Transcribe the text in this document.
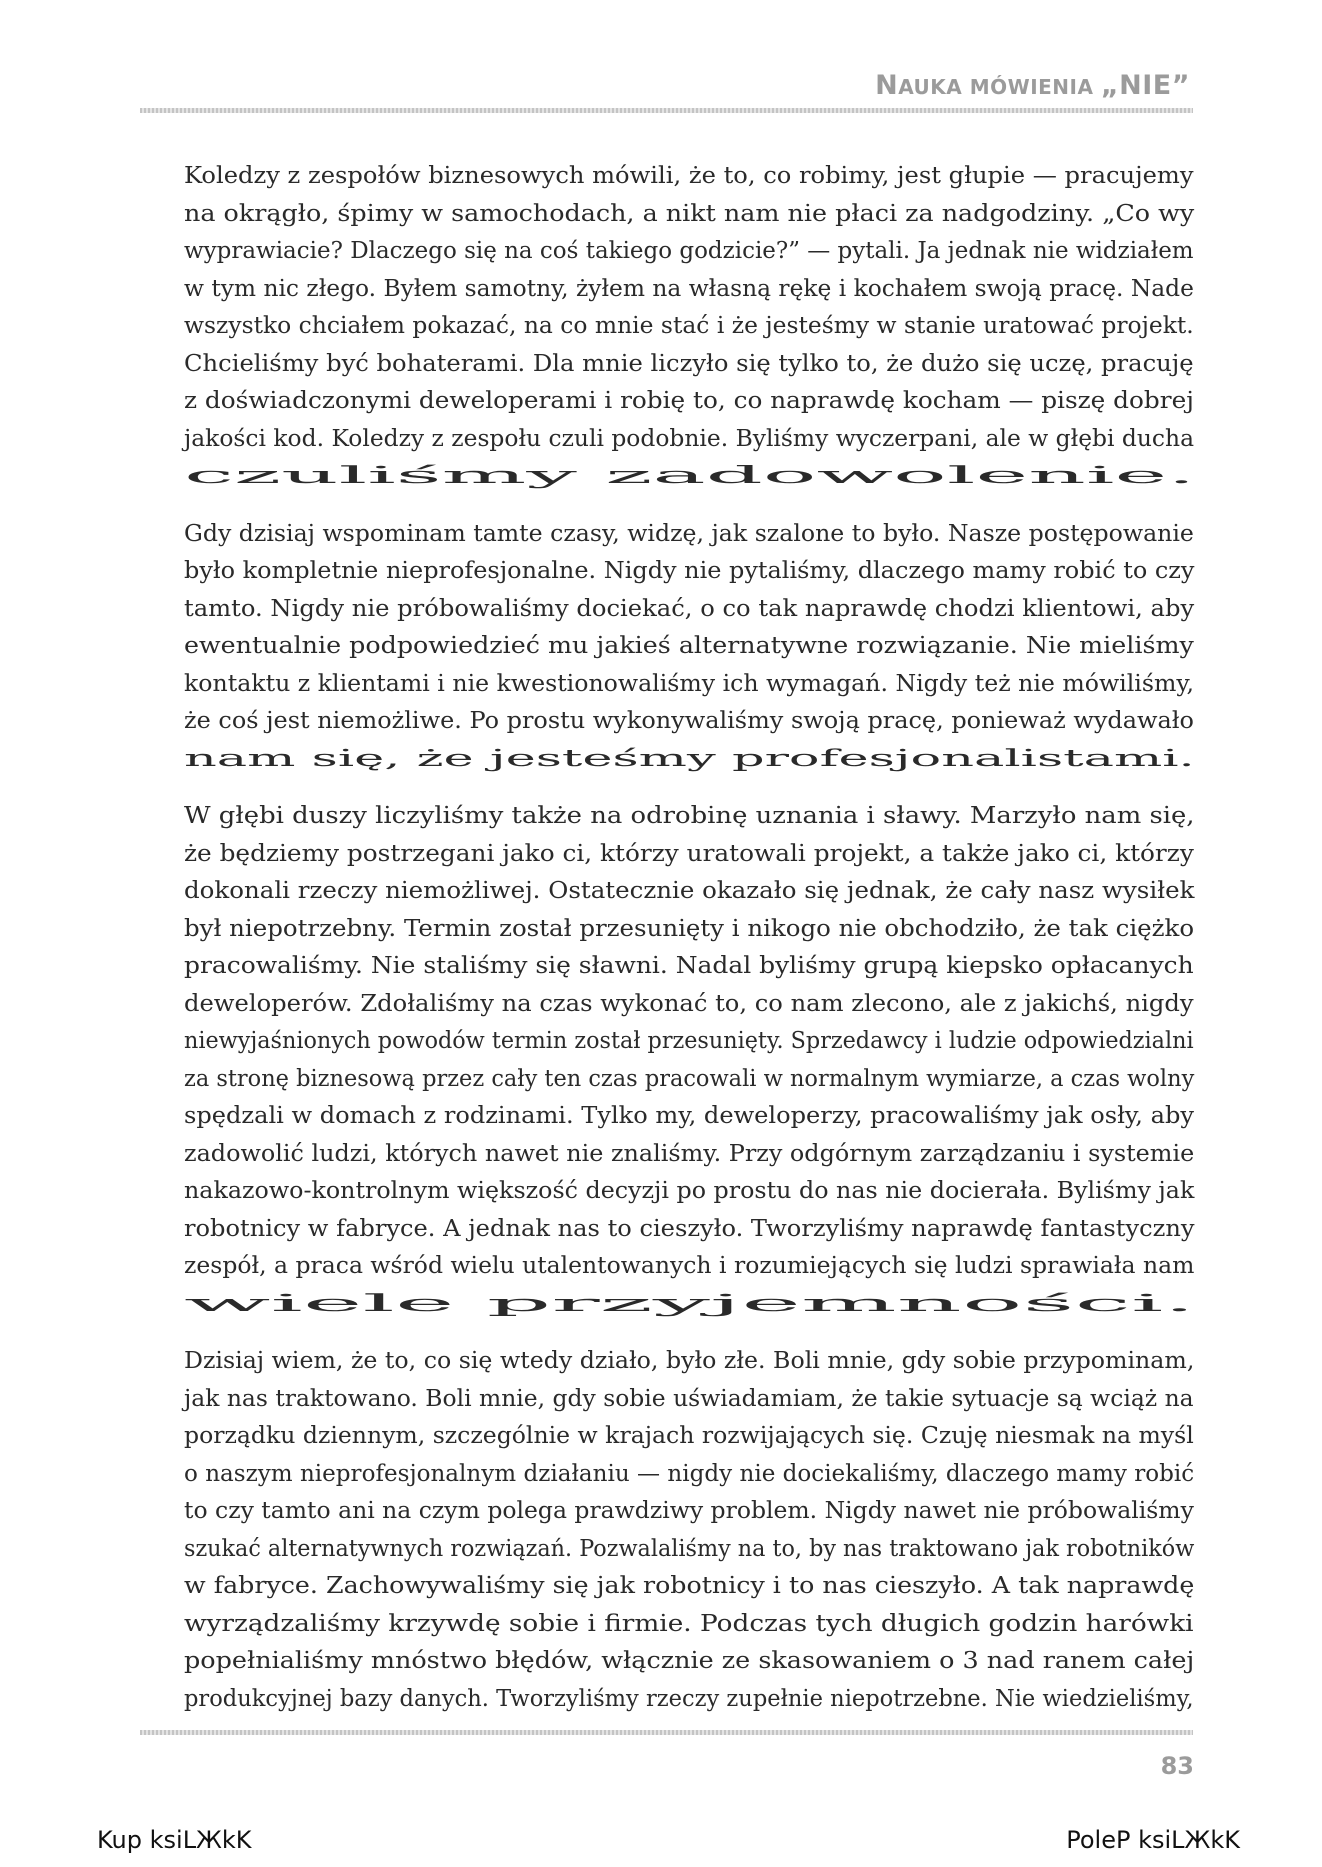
NAUKA MÓWIENIA „NIE”

Koledzy z zespołów biznesowych mówili, że to, co robimy, jest głupie — pracujemy
na okrągło, śpimy w samochodach, a nikt nam nie płaci za nadgodziny. „Co wy
wyprawiacie? Dlaczego się na coś takiego godzicie?” — pytali. Ja jednak nie widziałem
w tym nic złego. Byłem samotny, żyłem na własną rękę i kochałem swoją pracę. Nade
wszystko chciałem pokazać, na co mnie stać i że jesteśmy w stanie uratować projekt.
Chcieliśmy być bohaterami. Dla mnie liczyło się tylko to, że dużo się uczę, pracuję
z doświadczonymi deweloperami i robię to, co naprawdę kocham — piszę dobrej
jakości kod. Koledzy z zespołu czuli podobnie. Byliśmy wyczerpani, ale w głębi ducha
czuliśmy zadowolenie.

Gdy dzisiaj wspominam tamte czasy, widzę, jak szalone to było. Nasze postępowanie
było kompletnie nieprofesjonalne. Nigdy nie pytaliśmy, dlaczego mamy robić to czy
tamto. Nigdy nie próbowaliśmy dociekać, o co tak naprawdę chodzi klientowi, aby
ewentualnie podpowiedzieć mu jakieś alternatywne rozwiązanie. Nie mieliśmy
kontaktu z klientami i nie kwestionowaliśmy ich wymagań. Nigdy też nie mówiliśmy,
że coś jest niemożliwe. Po prostu wykonywaliśmy swoją pracę, ponieważ wydawało
nam się, że jesteśmy profesjonalistami.

W głębi duszy liczyliśmy także na odrobinę uznania i sławy. Marzyło nam się,
że będziemy postrzegani jako ci, którzy uratowali projekt, a także jako ci, którzy
dokonali rzeczy niemożliwej. Ostatecznie okazało się jednak, że cały nasz wysiłek
był niepotrzebny. Termin został przesunięty i nikogo nie obchodziło, że tak ciężko
pracowaliśmy. Nie staliśmy się sławni. Nadal byliśmy grupą kiepsko opłacanych
deweloperów. Zdołaliśmy na czas wykonać to, co nam zlecono, ale z jakichś, nigdy
niewyjaśnionych powodów termin został przesunięty. Sprzedawcy i ludzie odpowiedzialni
za stronę biznesową przez cały ten czas pracowali w normalnym wymiarze, a czas wolny
spędzali w domach z rodzinami. Tylko my, deweloperzy, pracowaliśmy jak osły, aby
zadowolić ludzi, których nawet nie znaliśmy. Przy odgórnym zarządzaniu i systemie
nakazowo-kontrolnym większość decyzji po prostu do nas nie docierała. Byliśmy jak
robotnicy w fabryce. A jednak nas to cieszyło. Tworzyliśmy naprawdę fantastyczny
zespół, a praca wśród wielu utalentowanych i rozumiejących się ludzi sprawiała nam
wiele przyjemności.

Dzisiaj wiem, że to, co się wtedy działo, było złe. Boli mnie, gdy sobie przypominam,
jak nas traktowano. Boli mnie, gdy sobie uświadamiam, że takie sytuacje są wciąż na
porządku dziennym, szczególnie w krajach rozwijających się. Czuję niesmak na myśl
o naszym nieprofesjonalnym działaniu — nigdy nie dociekaliśmy, dlaczego mamy robić
to czy tamto ani na czym polega prawdziwy problem. Nigdy nawet nie próbowaliśmy
szukać alternatywnych rozwiązań. Pozwalaliśmy na to, by nas traktowano jak robotników
w fabryce. Zachowywaliśmy się jak robotnicy i to nas cieszyło. A tak naprawdę
wyrządzaliśmy krzywdę sobie i firmie. Podczas tych długich godzin harówki
popełnialiśmy mnóstwo błędów, włącznie ze skasowaniem o 3 nad ranem całej
produkcyjnej bazy danych. Tworzyliśmy rzeczy zupełnie niepotrzebne. Nie wiedzieliśmy,

83
Kup ksiLЖkK	PoleP ksiLЖkK
